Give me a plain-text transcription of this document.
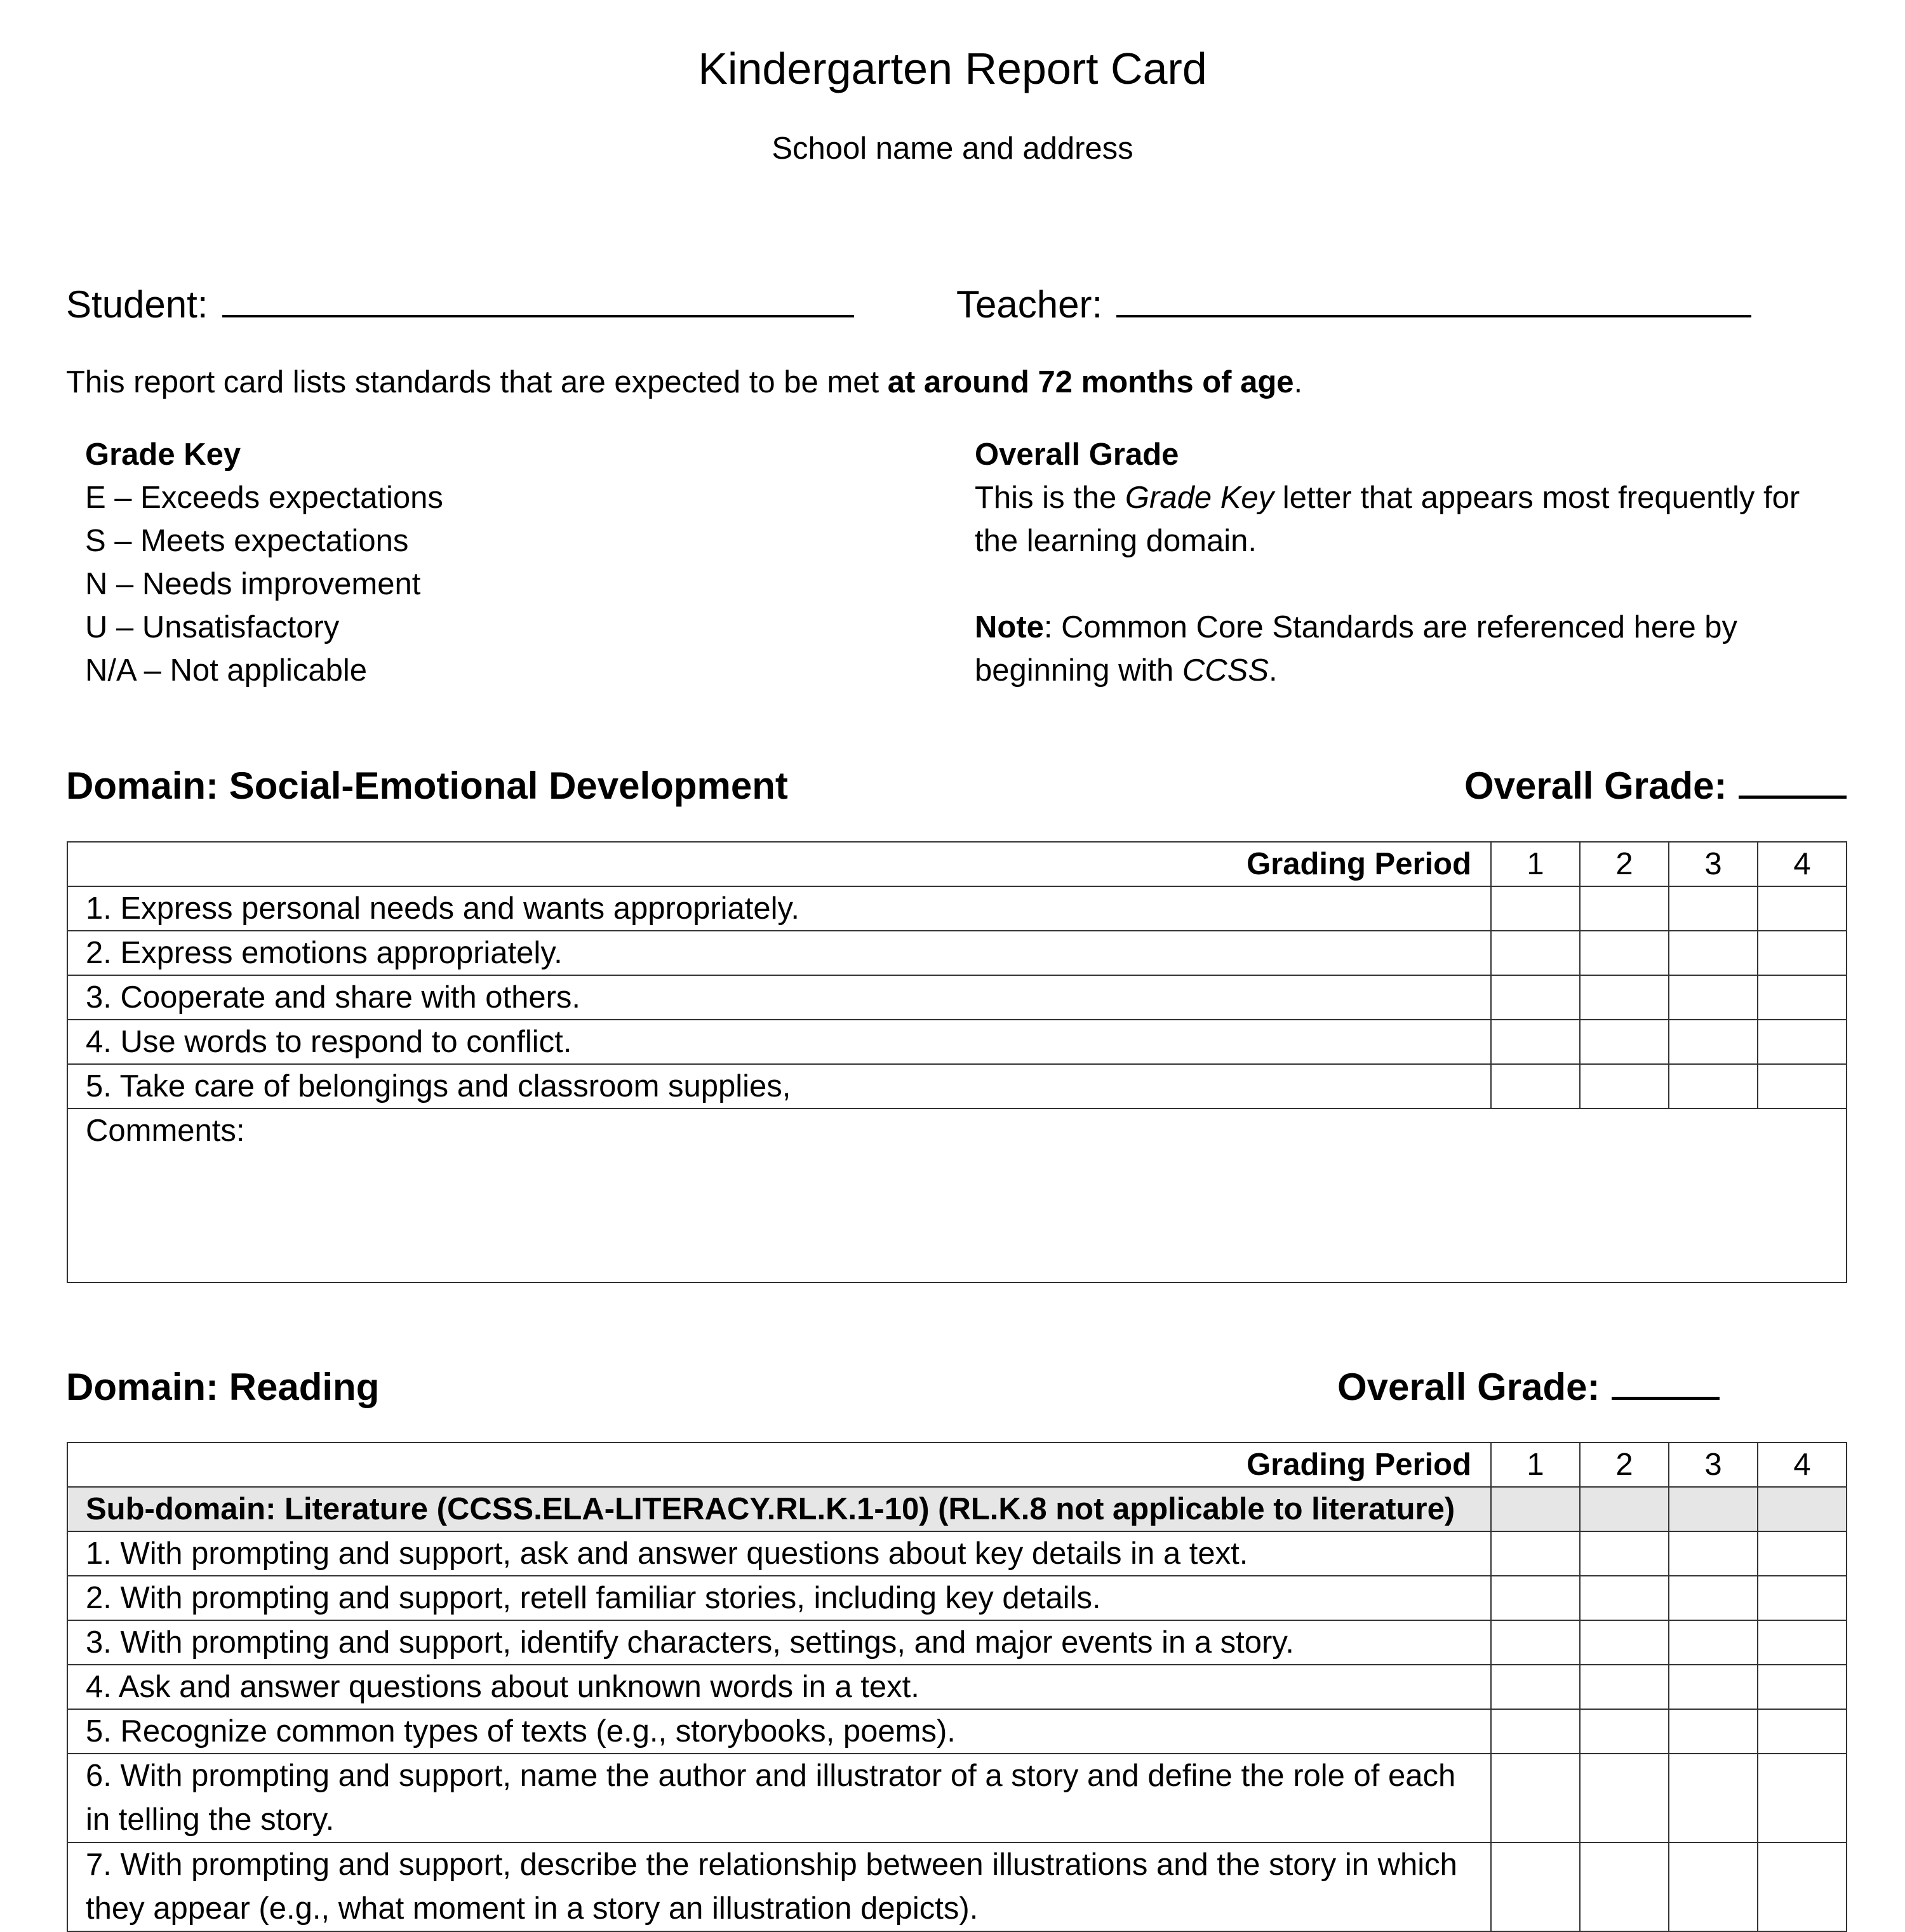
Kindergarten Report Card
School name and address
Student:	Teacher:
This report card lists standards that are expected to be met at around 72 months of age.
Grade Key
E – Exceeds expectations
S – Meets expectations
N – Needs improvement
U – Unsatisfactory
N/A – Not applicable
Overall Grade
This is the Grade Key letter that appears most frequently for the learning domain.
Note: Common Core Standards are referenced here by beginning with CCSS.
Domain: Social-Emotional Development	Overall Grade:
Grading Period	1	2	3	4
1. Express personal needs and wants appropriately.				
2. Express emotions appropriately.				
3. Cooperate and share with others.				
4. Use words to respond to conflict.				
5. Take care of belongings and classroom supplies,				
Comments:				
Domain: Reading	Overall Grade:
Grading Period	1	2	3	4
Sub-domain: Literature (CCSS.ELA-LITERACY.RL.K.1-10) (RL.K.8 not applicable to literature)				
1. With prompting and support, ask and answer questions about key details in a text.				
2. With prompting and support, retell familiar stories, including key details.				
3. With prompting and support, identify characters, settings, and major events in a story.				
4. Ask and answer questions about unknown words in a text.				
5. Recognize common types of texts (e.g., storybooks, poems).				
6. With prompting and support, name the author and illustrator of a story and define the role of each in telling the story.				
7. With prompting and support, describe the relationship between illustrations and the story in which they appear (e.g., what moment in a story an illustration depicts).				
